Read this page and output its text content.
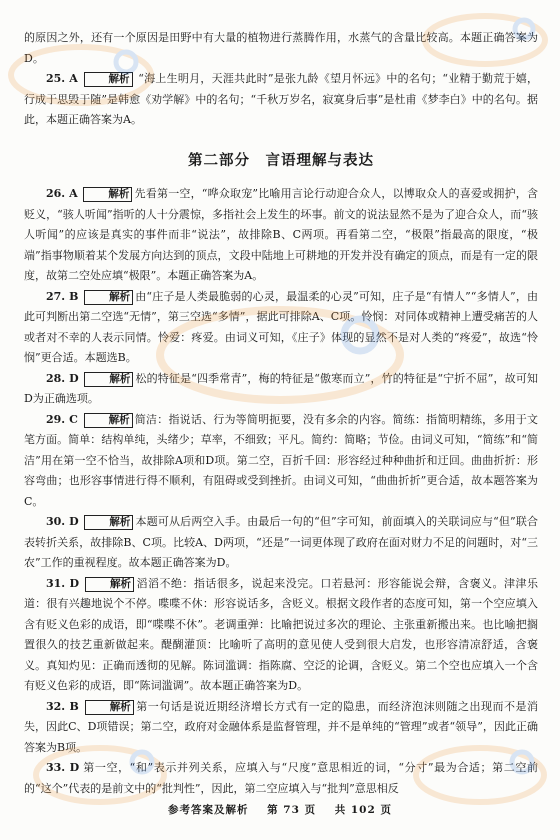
的原因之外，还有一个原因是田野中有大量的植物进行蒸腾作用，水蒸气的含量比较高。本题正确答案为D。

25. A	解析 “海上生明月，天涯共此时”是张九龄《望月怀远》中的名句；“业精于勤荒于嬉，行成于思毁于随”是韩愈《劝学解》中的名句；“千秋万岁名，寂寞身后事”是杜甫《梦李白》中的名句。据此，本题正确答案为A。

第二部分　言语理解与表达

26. A	解析 先看第一空，“哗众取宠”比喻用言论行动迎合众人，以博取众人的喜爱或拥护，含贬义，“骇人听闻”指听的人十分震惊，多指社会上发生的坏事。前文的说法显然不是为了迎合众人，而“骇人听闻”的应该是真实的事件而非“说法”，故排除B、C两项。再看第二空，“极限”指最高的限度，“极端”指事物顺着某个发展方向达到的顶点，文段中陆地上可耕地的开发并没有确定的顶点，而是有一定的限度，故第二空处应填“极限”。本题正确答案为A。

27. B	解析 由“庄子是人类最脆弱的心灵，最温柔的心灵”可知，庄子是“有情人”“多情人”，由此可判断出第二空选“无情”，第三空选“多情”，据此可排除A、C项。怜悯：对同体或精神上遭受痛苦的人或者对不幸的人表示同情。怜爱：疼爱。由词义可知，《庄子》体现的显然不是对人类的“疼爱”，故选“怜悯”更合适。本题选B。

28. D	解析 松的特征是“四季常青”，梅的特征是“傲寒而立”，竹的特征是“宁折不屈”，故可知D为正确选项。

29. C	解析 简洁：指说话、行为等简明扼要，没有多余的内容。简练：指简明精练，多用于文笔方面。简单：结构单纯，头绪少；草率，不细致；平凡。简约：简略；节俭。由词义可知，“简练”和“简洁”用在第一空不恰当，故排除A项和D项。第二空，百折千回：形容经过种种曲折和迂回。曲曲折折：形容弯曲；也形容事情进行得不顺利，有阻碍或受到挫折。由词义可知，“曲曲折折”更合适，故本题答案为C。

30. D	解析 本题可从后两空入手。由最后一句的“但”字可知，前面填入的关联词应与“但”联合表转折关系，故排除B、C项。比较A、D两项，“还是”一词更体现了政府在面对财力不足的问题时，对“三农”工作的重视程度。故本题正确答案为D。

31. D	解析 滔滔不绝：指话很多，说起来没完。口若悬河：形容能说会辩，含褒义。津津乐道：很有兴趣地说个不停。喋喋不休：形容说话多，含贬义。根据文段作者的态度可知，第一个空应填入含有贬义色彩的成语，即“喋喋不休”。老调重弹：比喻把说过多次的理论、主张重新搬出来。也比喻把搁置很久的技艺重新做起来。醍醐灌顶：比喻听了高明的意见使人受到很大启发，也形容清凉舒适，含褒义。真知灼见：正确而透彻的见解。陈词滥调：指陈腐、空泛的论调，含贬义。第二个空也应填入一个含有贬义色彩的成语，即“陈词滥调”。故本题正确答案为D。

32. B	解析 第一句话是说近期经济增长方式有一定的隐患，而经济泡沫则随之出现而不是消失，因此C、D项错误；第二空，政府对金融体系是监督管理，并不是单纯的“管理”或者“领导”，因此正确答案为B项。

33. D 第一空，“和”表示并列关系，应填入与“尺度”意思相近的词，“分寸”最为合适；第二空前的“这个”代表的是前文中的“批判性”，因此，第二空应填入与“批判”意思相反

参考答案及解析 第 73 页 共 102 页
